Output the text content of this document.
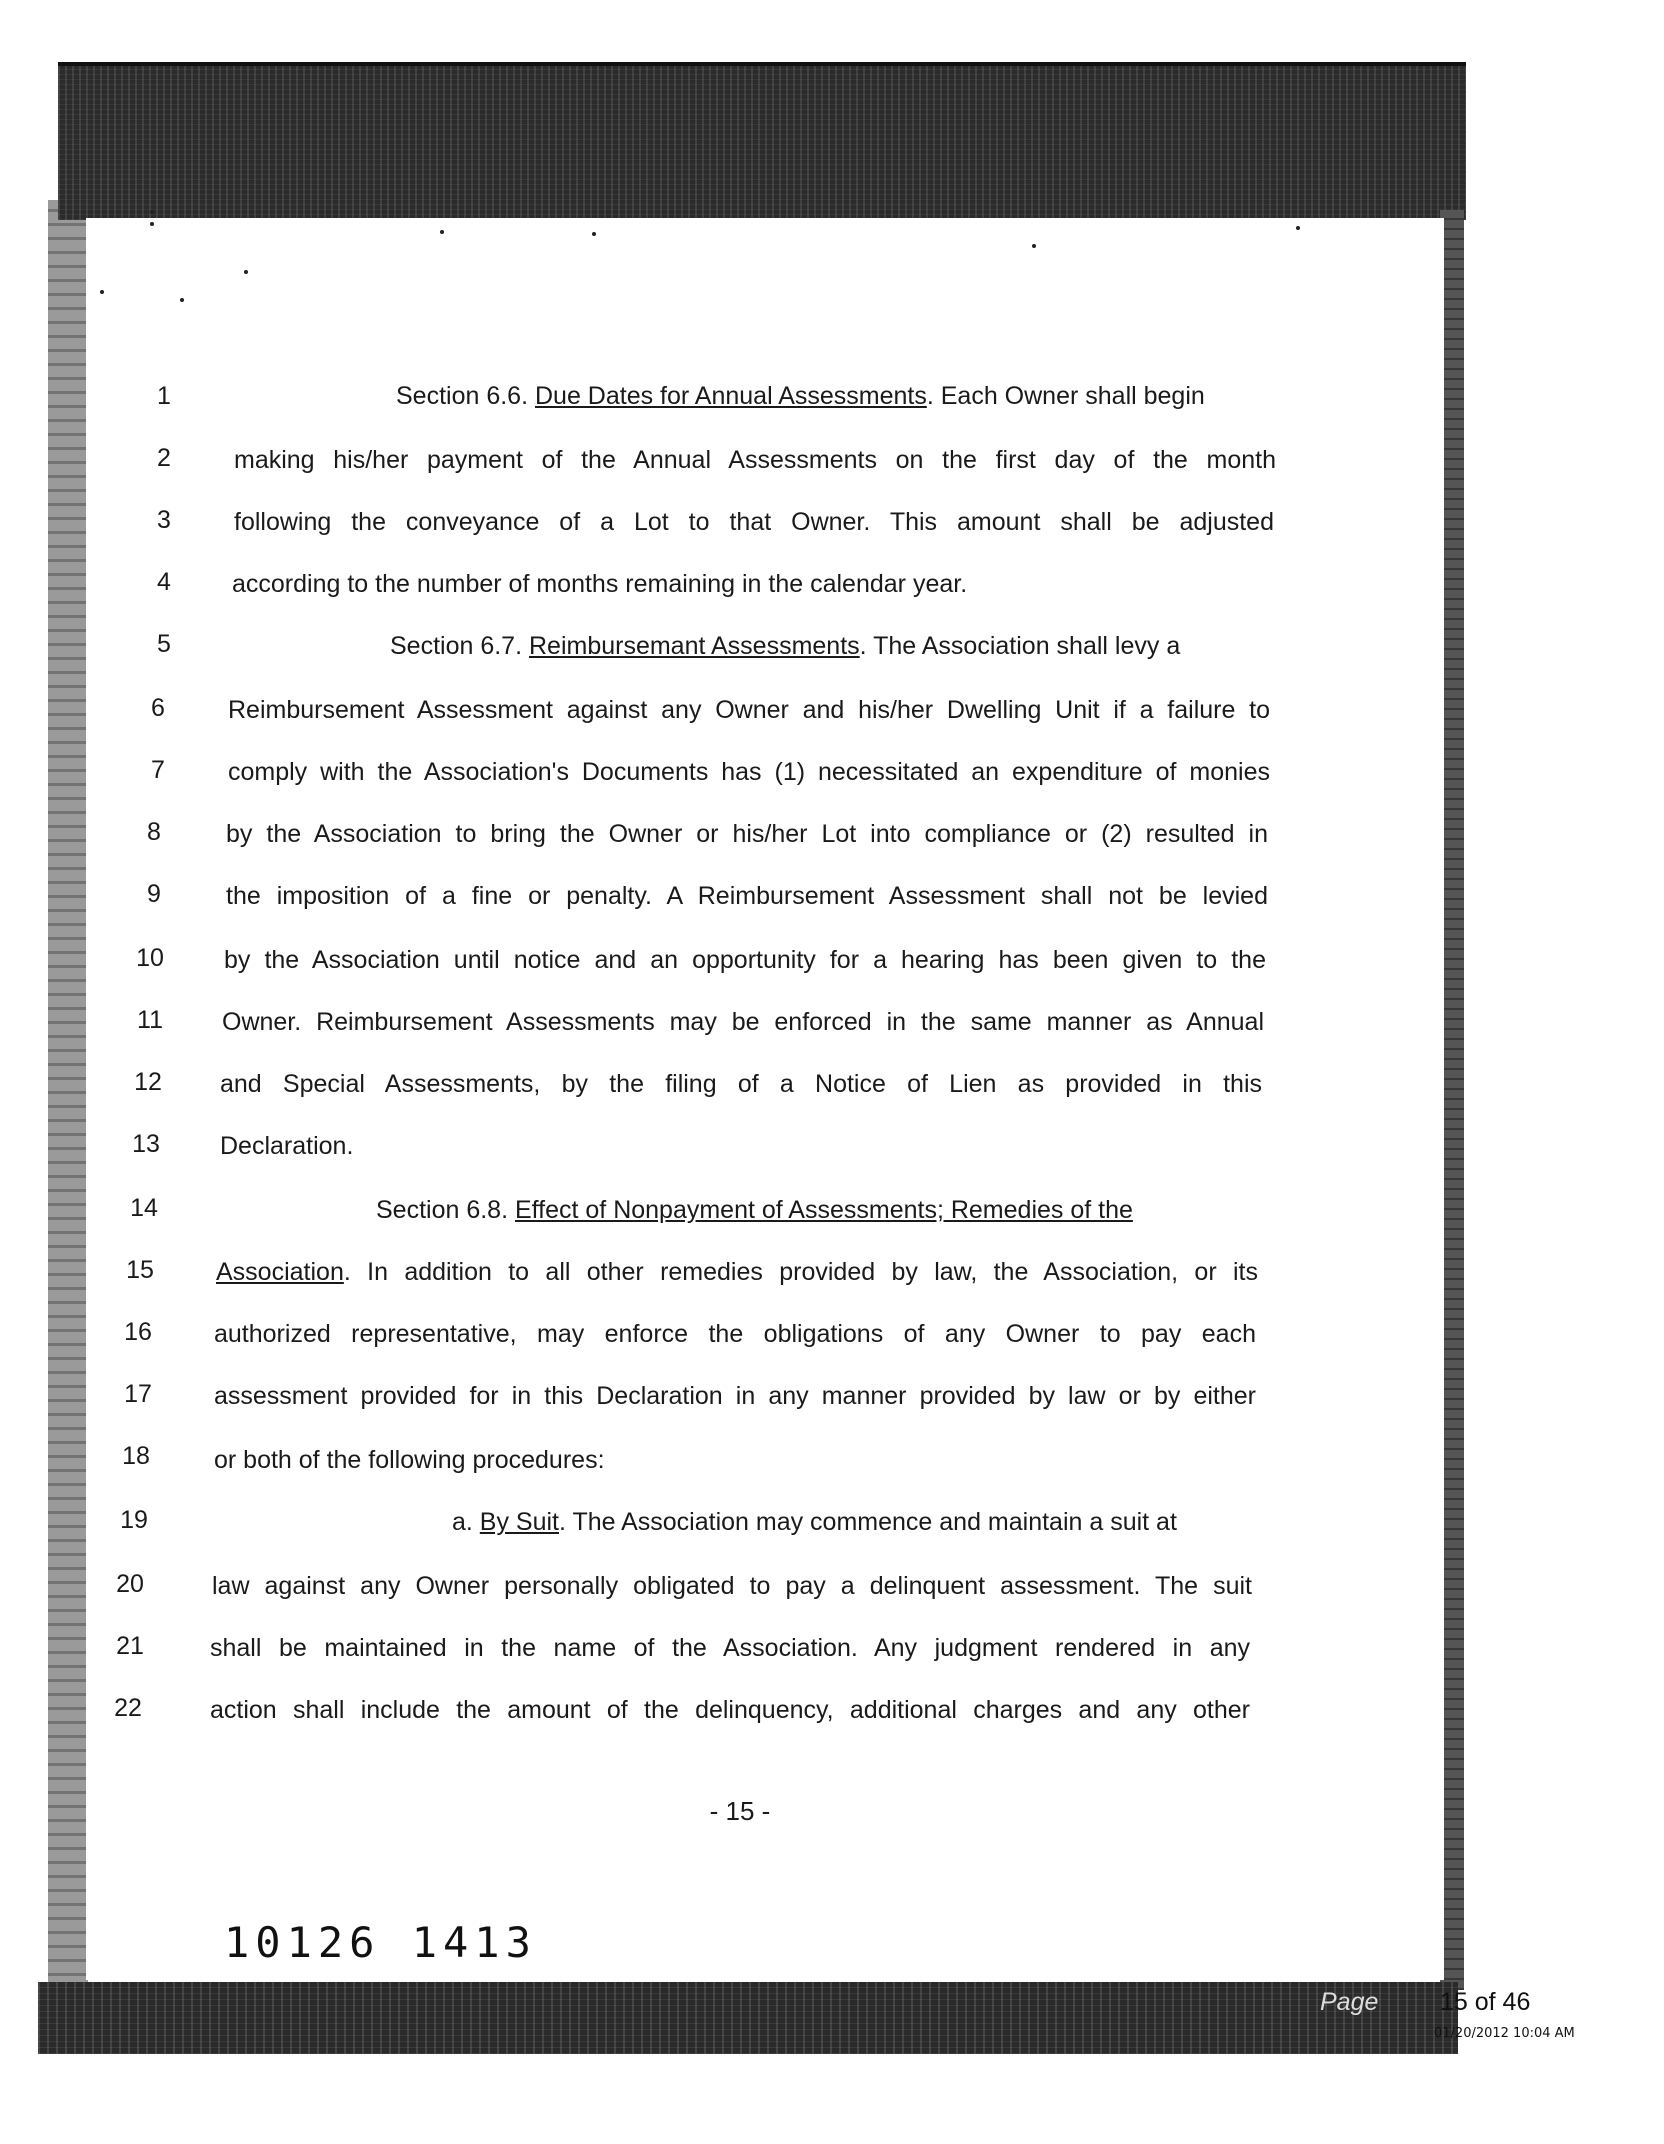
1	Section 6.6. Due Dates for Annual Assessments. Each Owner shall begin
2	making his/her payment of the Annual Assessments on the first day of the month
3	following the conveyance of a Lot to that Owner. This amount shall be adjusted
4	according to the number of months remaining in the calendar year.
5	Section 6.7. Reimbursemant Assessments. The Association shall levy a
6	Reimbursement Assessment against any Owner and his/her Dwelling Unit if a failure to
7	comply with the Association's Documents has (1) necessitated an expenditure of monies
8	by the Association to bring the Owner or his/her Lot into compliance or (2) resulted in
9	the imposition of a fine or penalty. A Reimbursement Assessment shall not be levied
10	by the Association until notice and an opportunity for a hearing has been given to the
11	Owner. Reimbursement Assessments may be enforced in the same manner as Annual
12	and Special Assessments, by the filing of a Notice of Lien as provided in this
13	Declaration.
14	Section 6.8. Effect of Nonpayment of Assessments; Remedies of the
15	Association. In addition to all other remedies provided by law, the Association, or its
16	authorized representative, may enforce the obligations of any Owner to pay each
17	assessment provided for in this Declaration in any manner provided by law or by either
18	or both of the following procedures:
19	a. By Suit. The Association may commence and maintain a suit at
20	law against any Owner personally obligated to pay a delinquent assessment. The suit
21	shall be maintained in the name of the Association. Any judgment rendered in any
22	action shall include the amount of the delinquency, additional charges and any other
- 15 -
10126 1413
Page 15 of 46
01/20/2012 10:04 AM
